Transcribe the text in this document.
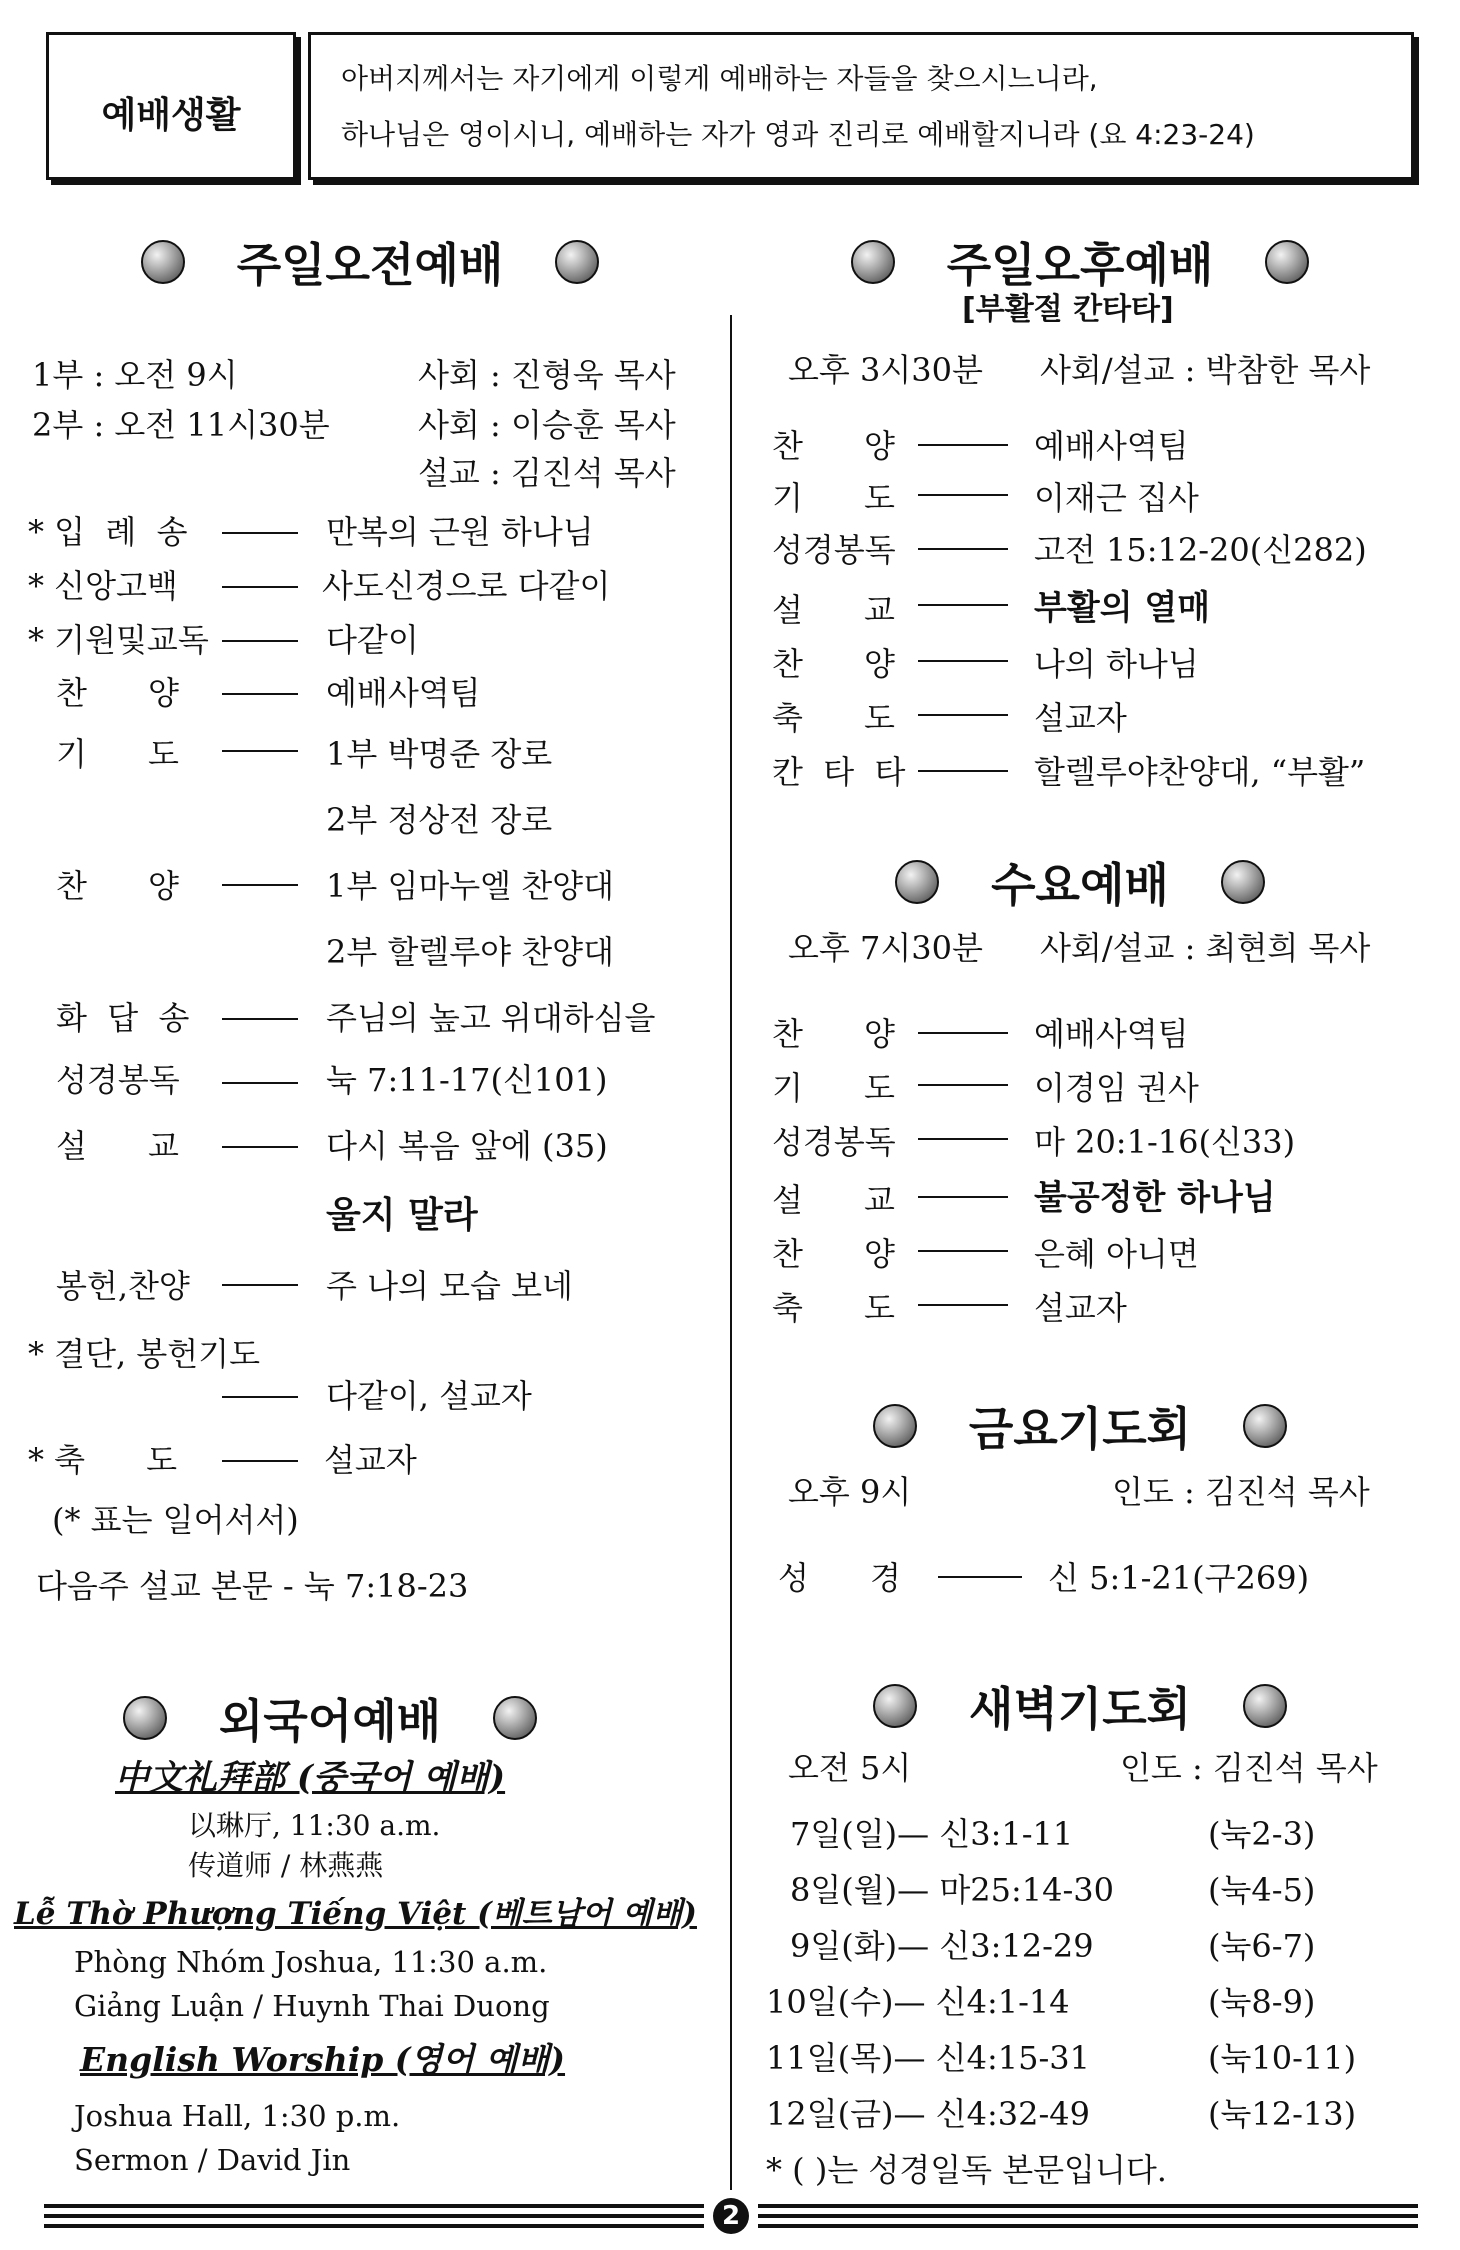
예배생활
아버지께서는 자기에게 이렇게 예배하는 자들을 찾으시느니라,
하나님은 영이시니, 예배하는 자가 영과 진리로 예배할지니라 (요 4:23-24)
주일오전예배
1부 : 오전 9시	사회 : 진형욱 목사
2부 : 오전 11시30분	사회 : 이승훈 목사
설교 : 김진석 목사
* 입  례  송	만복의 근원 하나님
* 신앙고백	사도신경으로 다같이
* 기원및교독	다같이
찬      양	예배사역팀
기      도	1부 박명준 장로
2부 정상전 장로
찬      양	1부 임마누엘 찬양대
2부 할렐루야 찬양대
화  답  송	주님의 높고 위대하심을
성경봉독	눅 7:11-17(신101)
설      교	다시 복음 앞에 (35)
울지 말라
봉헌,찬양	주 나의 모습 보네
* 결단, 봉헌기도
다같이, 설교자
* 축      도	설교자
(* 표는 일어서서)
다음주 설교 본문 - 눅 7:18-23
외국어예배
中文礼拜部 (중국어 예배)
以琳厅, 11:30 a.m.
传道师 / 林燕燕
Lễ Thờ Phượng Tiếng Việt (베트남어 예배)
Phòng Nhóm Joshua, 11:30 a.m.
Giảng Luận / Huynh Thai Duong
English Worship (영어 예배)
Joshua Hall, 1:30 p.m.
Sermon / David Jin
주일오후예배
[부활절 칸타타]
오후 3시30분 사회/설교 : 박참한 목사
찬      양	예배사역팀
기      도	이재근 집사
성경봉독	고전 15:12-20(신282)
설      교	부활의 열매
찬      양	나의 하나님
축      도	설교자
칸  타  타	할렐루야찬양대, “부활”
수요예배
오후 7시30분 사회/설교 : 최현희 목사
찬      양	예배사역팀
기      도	이경임 권사
성경봉독	마 20:1-16(신33)
설      교	불공정한 하나님
찬      양	은혜 아니면
축      도	설교자
금요기도회
오후 9시	인도 : 김진석 목사
성      경	신 5:1-21(구269)
새벽기도회
오전 5시	인도 : 김진석 목사
7일(일)— 신3:1-11	(눅2-3)
8일(월)— 마25:14-30	(눅4-5)
9일(화)— 신3:12-29	(눅6-7)
10일(수)— 신4:1-14	(눅8-9)
11일(목)— 신4:15-31	(눅10-11)
12일(금)— 신4:32-49	(눅12-13)
* ( )는 성경일독 본문입니다.
2
